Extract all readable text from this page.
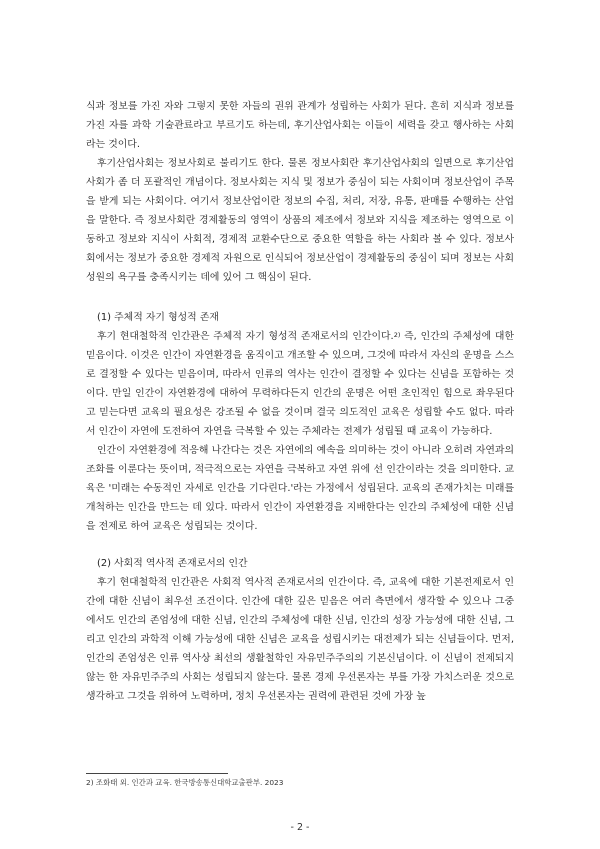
식과 정보를 가진 자와 그렇지 못한 자들의 권위 관계가 성립하는 사회가 된다. 흔히 지식과 정보를 가진 자를 과학 기술관료라고 부르기도 하는데, 후기산업사회는 이들이 세력을 갖고 행사하는 사회라는 것이다.

후기산업사회는 정보사회로 불리기도 한다. 물론 정보사회란 후기산업사회의 일면으로 후기산업사회가 좀 더 포괄적인 개념이다. 정보사회는 지식 및 정보가 중심이 되는 사회이며 정보산업이 주목을 받게 되는 사회이다. 여기서 정보산업이란 정보의 수집, 처리, 저장, 유통, 판매를 수행하는 산업을 말한다. 즉 정보사회란 경제활동의 영역이 상품의 제조에서 정보와 지식을 제조하는 영역으로 이동하고 정보와 지식이 사회적, 경제적 교환수단으로 중요한 역할을 하는 사회라 볼 수 있다. 정보사회에서는 정보가 중요한 경제적 자원으로 인식되어 정보산업이 경제활동의 중심이 되며 정보는 사회성원의 욕구를 충족시키는 데에 있어 그 핵심이 된다.

(1) 주체적 자기 형성적 존재

후기 현대철학적 인간관은 주체적 자기 형성적 존재로서의 인간이다.$^{2)}$ 즉, 인간의 주체성에 대한 믿음이다. 이것은 인간이 자연환경을 움직이고 개조할 수 있으며, 그것에 따라서 자신의 운명을 스스로 결정할 수 있다는 믿음이며, 따라서 인류의 역사는 인간이 결정할 수 있다는 신념을 포함하는 것이다. 만일 인간이 자연환경에 대하여 무력하다든지 인간의 운명은 어떤 초인적인 힘으로 좌우된다고 믿는다면 교육의 필요성은 강조될 수 없을 것이며 결국 의도적인 교육은 성립할 수도 없다. 따라서 인간이 자연에 도전하여 자연을 극복할 수 있는 주체라는 전제가 성립될 때 교육이 가능하다.

인간이 자연환경에 적응해 나간다는 것은 자연에의 예속을 의미하는 것이 아니라 오히려 자연과의 조화를 이룬다는 뜻이며, 적극적으로는 자연을 극복하고 자연 위에 선 인간이라는 것을 의미한다. 교육은 '미래는 수동적인 자세로 인간을 기다린다.'라는 가정에서 성립된다. 교육의 존재가치는 미래를 개척하는 인간을 만드는 데 있다. 따라서 인간이 자연환경을 지배한다는 인간의 주체성에 대한 신념을 전제로 하여 교육은 성립되는 것이다.

(2) 사회적 역사적 존재로서의 인간

후기 현대철학적 인간관은 사회적 역사적 존재로서의 인간이다. 즉, 교육에 대한 기본전제로서 인간에 대한 신념이 최우선 조건이다. 인간에 대한 깊은 믿음은 여러 측면에서 생각할 수 있으나 그중에서도 인간의 존엄성에 대한 신념, 인간의 주체성에 대한 신념, 인간의 성장 가능성에 대한 신념, 그리고 인간의 과학적 이해 가능성에 대한 신념은 교육을 성립시키는 대전제가 되는 신념들이다. 먼저, 인간의 존엄성은 인류 역사상 최선의 생활철학인 자유민주주의의 기본신념이다. 이 신념이 전제되지 않는 한 자유민주주의 사회는 성립되지 않는다. 물론 경제 우선론자는 부를 가장 가치스러운 것으로 생각하고 그것을 위하여 노력하며, 정치 우선론자는 권력에 관련된 것에 가장 높

2) 조화태 외. 인간과 교육. 한국방송통신대학교출판부. 2023
- 2 -
